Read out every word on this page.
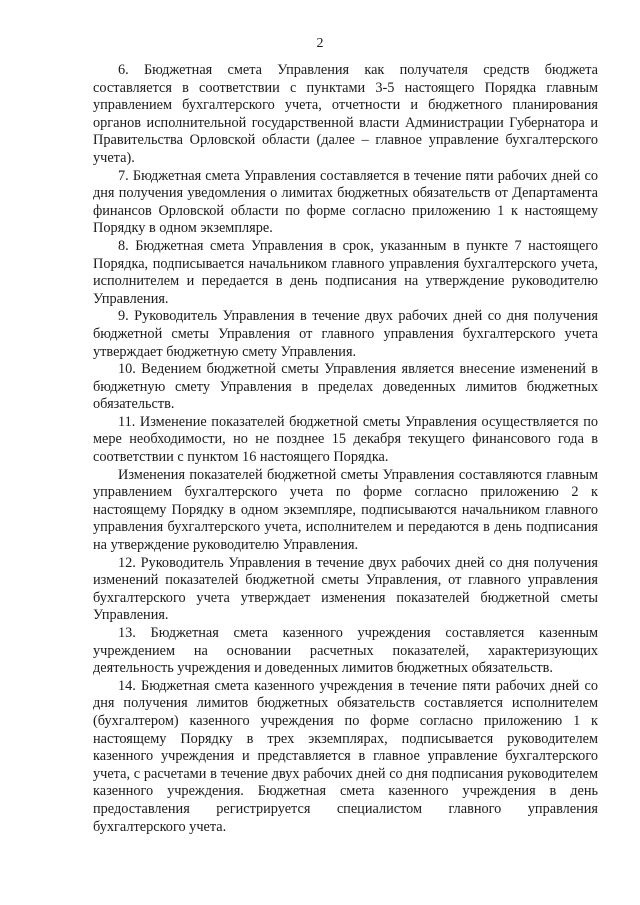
2

6. Бюджетная смета Управления как получателя средств бюджета составляется в соответствии с пунктами 3-5 настоящего Порядка главным управлением бухгалтерского учета, отчетности и бюджетного планирования органов исполнительной государственной власти Администрации Губернатора и Правительства Орловской области (далее – главное управление бухгалтерского учета).

7. Бюджетная смета Управления составляется в течение пяти рабочих дней со дня получения уведомления о лимитах бюджетных обязательств от Департамента финансов Орловской области по форме согласно приложению 1 к настоящему Порядку в одном экземпляре.

8. Бюджетная смета Управления в срок, указанным в пункте 7 настоящего Порядка, подписывается начальником главного управления бухгалтерского учета, исполнителем и передается в день подписания на утверждение руководителю Управления.

9. Руководитель Управления в течение двух рабочих дней со дня получения бюджетной сметы Управления от главного управления бухгалтерского учета утверждает бюджетную смету Управления.

10. Ведением бюджетной сметы Управления является внесение изменений в бюджетную смету Управления в пределах доведенных лимитов бюджетных обязательств.

11. Изменение показателей бюджетной сметы Управления осуществляется по мере необходимости, но не позднее 15 декабря текущего финансового года в соответствии с пунктом 16 настоящего Порядка.

Изменения показателей бюджетной сметы Управления составляются главным управлением бухгалтерского учета по форме согласно приложению 2 к настоящему Порядку в одном экземпляре, подписываются начальником главного управления бухгалтерского учета, исполнителем и передаются в день подписания на утверждение руководителю Управления.

12. Руководитель Управления в течение двух рабочих дней со дня получения изменений показателей бюджетной сметы Управления, от главного управления бухгалтерского учета утверждает изменения показателей бюджетной сметы Управления.

13. Бюджетная смета казенного учреждения составляется казенным учреждением на основании расчетных показателей, характеризующих деятельность учреждения и доведенных лимитов бюджетных обязательств.

14. Бюджетная смета казенного учреждения в течение пяти рабочих дней со дня получения лимитов бюджетных обязательств составляется исполнителем (бухгалтером) казенного учреждения по форме согласно приложению 1 к настоящему Порядку в трех экземплярах, подписывается руководителем казенного учреждения и представляется в главное управление бухгалтерского учета, с расчетами в течение двух рабочих дней со дня подписания руководителем казенного учреждения. Бюджетная смета казенного учреждения в день предоставления регистрируется специалистом главного управления бухгалтерского учета.
